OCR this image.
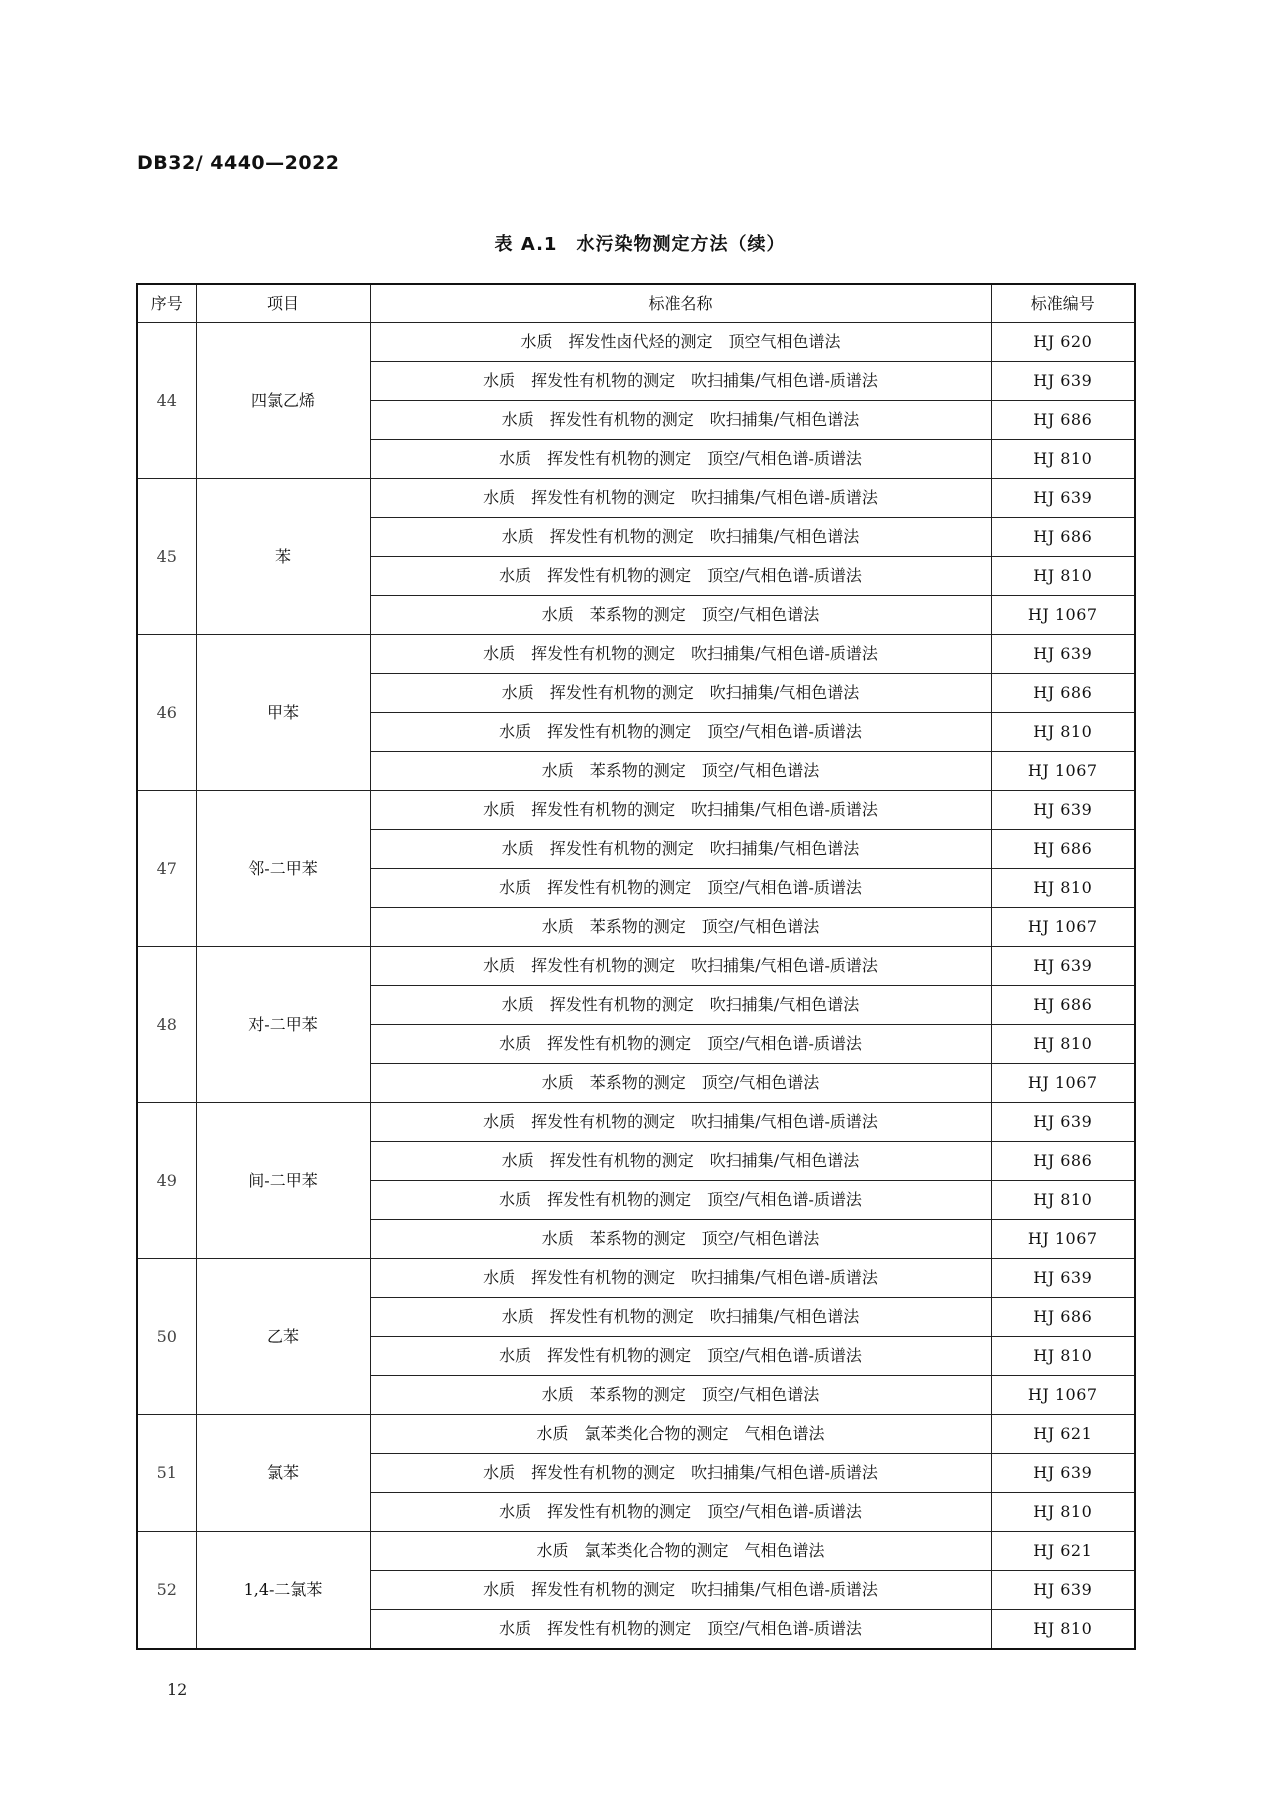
DB32/ 4440—2022
表 A.1　水污染物测定方法（续）
序号	项目	标准名称	标准编号
44	四氯乙烯	水质　挥发性卤代烃的测定　顶空气相色谱法	HJ 620
		水质　挥发性有机物的测定　吹扫捕集/气相色谱-质谱法	HJ 639
		水质　挥发性有机物的测定　吹扫捕集/气相色谱法	HJ 686
		水质　挥发性有机物的测定　顶空/气相色谱-质谱法	HJ 810
45	苯	水质　挥发性有机物的测定　吹扫捕集/气相色谱-质谱法	HJ 639
		水质　挥发性有机物的测定　吹扫捕集/气相色谱法	HJ 686
		水质　挥发性有机物的测定　顶空/气相色谱-质谱法	HJ 810
		水质　苯系物的测定　顶空/气相色谱法	HJ 1067
46	甲苯	水质　挥发性有机物的测定　吹扫捕集/气相色谱-质谱法	HJ 639
		水质　挥发性有机物的测定　吹扫捕集/气相色谱法	HJ 686
		水质　挥发性有机物的测定　顶空/气相色谱-质谱法	HJ 810
		水质　苯系物的测定　顶空/气相色谱法	HJ 1067
47	邻-二甲苯	水质　挥发性有机物的测定　吹扫捕集/气相色谱-质谱法	HJ 639
		水质　挥发性有机物的测定　吹扫捕集/气相色谱法	HJ 686
		水质　挥发性有机物的测定　顶空/气相色谱-质谱法	HJ 810
		水质　苯系物的测定　顶空/气相色谱法	HJ 1067
48	对-二甲苯	水质　挥发性有机物的测定　吹扫捕集/气相色谱-质谱法	HJ 639
		水质　挥发性有机物的测定　吹扫捕集/气相色谱法	HJ 686
		水质　挥发性有机物的测定　顶空/气相色谱-质谱法	HJ 810
		水质　苯系物的测定　顶空/气相色谱法	HJ 1067
49	间-二甲苯	水质　挥发性有机物的测定　吹扫捕集/气相色谱-质谱法	HJ 639
		水质　挥发性有机物的测定　吹扫捕集/气相色谱法	HJ 686
		水质　挥发性有机物的测定　顶空/气相色谱-质谱法	HJ 810
		水质　苯系物的测定　顶空/气相色谱法	HJ 1067
50	乙苯	水质　挥发性有机物的测定　吹扫捕集/气相色谱-质谱法	HJ 639
		水质　挥发性有机物的测定　吹扫捕集/气相色谱法	HJ 686
		水质　挥发性有机物的测定　顶空/气相色谱-质谱法	HJ 810
		水质　苯系物的测定　顶空/气相色谱法	HJ 1067
51	氯苯	水质　氯苯类化合物的测定　气相色谱法	HJ 621
		水质　挥发性有机物的测定　吹扫捕集/气相色谱-质谱法	HJ 639
		水质　挥发性有机物的测定　顶空/气相色谱-质谱法	HJ 810
52	1,4-二氯苯	水质　氯苯类化合物的测定　气相色谱法	HJ 621
		水质　挥发性有机物的测定　吹扫捕集/气相色谱-质谱法	HJ 639
		水质　挥发性有机物的测定　顶空/气相色谱-质谱法	HJ 810
12
